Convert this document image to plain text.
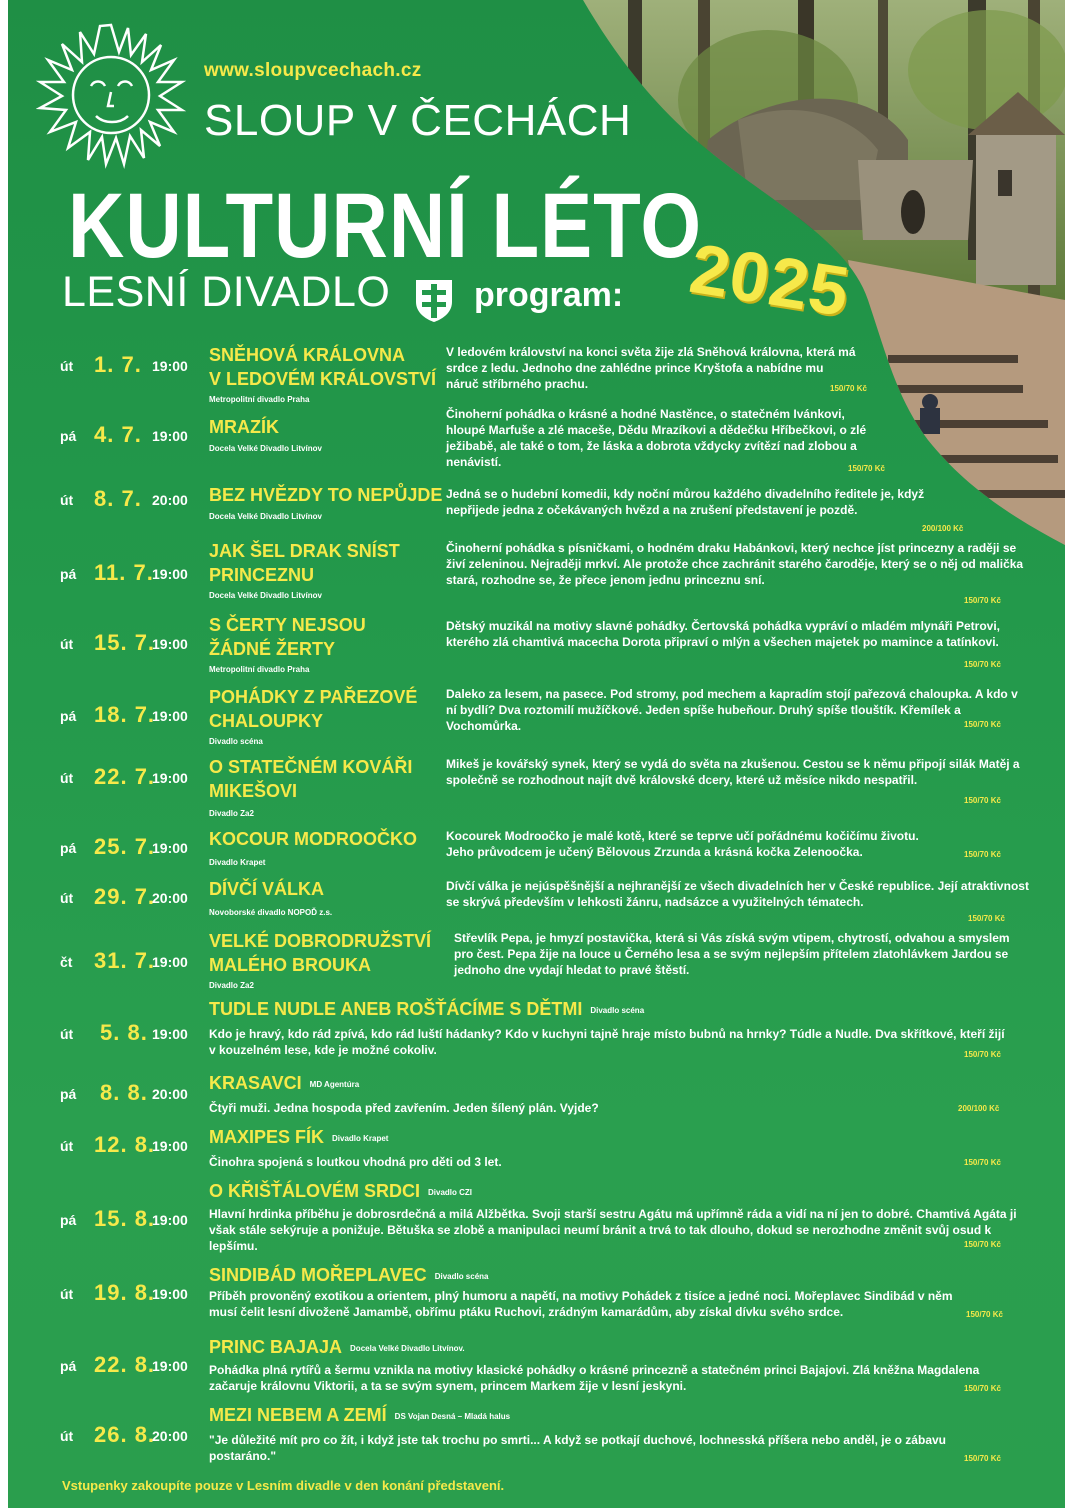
www.sloupvcechach.cz
SLOUP V ČECHÁCH
KULTURNÍ LÉTO
LESNÍ DIVADLO program: 2025
út 1. 7. 19:00
SNĚHOVÁ KRÁLOVNA
V LEDOVÉM KRÁLOVSTVÍ
Metropolitní divadlo Praha
V ledovém království na konci světa žije zlá Sněhová královna, která má srdce z ledu. Jednoho dne zahlédne prince Kryštofa a nabídne mu náruč stříbrného prachu.	150/70 Kč
pá 4. 7. 19:00 MRAZÍK
Docela Velké Divadlo Litvínov
Činoherní pohádka o krásné a hodné Nastěnce, o statečném Ivánkovi, hloupé Marfuše a zlé maceše, Dědu Mrazíkovi a dědečku Hříbečkovi, o zlé ježibabě, ale také o tom, že láska a dobrota vždycky zvítězí nad zlobou a nenávistí.	150/70 Kč
út 8. 7. 20:00 BEZ HVĚZDY TO NEPŮJDE
Docela Velké Divadlo Litvínov
Jedná se o hudební komedii, kdy noční můrou každého divadelního ředitele je, když nepřijede jedna z očekávaných hvězd a na zrušení představení je pozdě.
200/100 Kč
pá 11. 7.
19:00
JAK ŠEL DRAK SNÍST
PRINCEZNU
Docela Velké Divadlo Litvínov
Činoherní pohádka s písničkami, o hodném draku Habánkovi, který nechce jíst princezny a raději se živí zeleninou. Nejraději mrkví. Ale protože chce zachránit starého čaroděje, který se o něj od malička stará, rozhodne se, že přece jenom jednu princeznu sní.
150/70 Kč
út 15. 7.
19:00
S ČERTY NEJSOU
ŽÁDNÉ ŽERTY
Metropolitní divadlo Praha
Dětský muzikál na motivy slavné pohádky. Čertovská pohádka vypráví o mladém mlynáři Petrovi, kterého zlá chamtivá macecha Dorota připraví o mlýn a všechen majetek po mamince a tatínkovi.
150/70 Kč
pá 18. 7.
19:00
POHÁDKY Z PAŘEZOVÉ
CHALOUPKY
Divadlo scéna
Daleko za lesem, na pasece. Pod stromy, pod mechem a kapradím stojí pařezová chaloupka. A kdo v ní bydlí? Dva roztomilí mužíčkové. Jeden spíše hubeňour. Druhý spíše tlouštík. Křemílek a Vochomůrka.	150/70 Kč
út 22. 7.
19:00
O STATEČNÉM KOVÁŘI
MIKEŠOVI
Divadlo Za2
Mikeš je kovářský synek, který se vydá do světa na zkušenou. Cestou se k němu připojí silák Matěj a společně se rozhodnout najít dvě královské dcery, které už měsíce nikdo nespatřil.
150/70 Kč
pá 25. 7.
19:00 KOCOUR MODROOČKO
Divadlo Krapet
Kocourek Modroočko je malé kotě, které se teprve učí pořádnému kočičímu životu. Jeho průvodcem je učený Bělovous Zrzunda a krásná kočka Zelenoočka.	150/70 Kč
út 29. 7.
20:00 DÍVČÍ VÁLKA
Novoborské divadlo NOPOĎ z.s.
Dívčí válka je nejúspěšnější a nejhranější ze všech divadelních her v České republice. Její atraktivnost se skrývá především v lehkosti žánru, nadsázce a využitelných tématech.
150/70 Kč
čt 31. 7.
19:00
VELKÉ DOBRODRUŽSTVÍ
MALÉHO BROUKA
Divadlo Za2
Střevlík Pepa, je hmyzí postavička, která si Vás získá svým vtipem, chytrostí, odvahou a smyslem pro čest. Pepa žije na louce u Černého lesa a se svým nejlepším přítelem zlatohlávkem Jardou se jednoho dne vydají hledat to pravé štěstí.
út 5. 8. 19:00
TUDLE NUDLE ANEB ROŠŤÁCÍME S DĚTMI Divadlo scéna
Kdo je hravý, kdo rád zpívá, kdo rád luští hádanky? Kdo v kuchyni tajně hraje místo bubnů na hrnky? Túdle a Nudle. Dva skřítkové, kteří žijí v kouzelném lese, kde je možné cokoliv.	150/70 Kč
pá 8. 8. 20:00
KRASAVCI MD Agentúra
Čtyři muži. Jedna hospoda před zavřením. Jeden šílený plán. Vyjde?	200/100 Kč
út 12. 8.
19:00 MAXIPES FÍK Divadlo Krapet
Činohra spojená s loutkou vhodná pro děti od 3 let.	150/70 Kč
pá 15. 8.
19:00
O KŘIŠŤÁLOVÉM SRDCI Divadlo CZI
Hlavní hrdinka příběhu je dobrosrdečná a milá Alžbětka. Svoji starší sestru Agátu má upřímně ráda a vidí na ní jen to dobré. Chamtivá Agáta ji však stále sekýruje a ponižuje. Bětuška se zlobě a manipulaci neumí bránit a trvá to tak dlouho, dokud se nerozhodne změnit svůj osud k lepšímu.	150/70 Kč
út 19. 8.
19:00
SINDIBÁD MOŘEPLAVEC Divadlo scéna
Příběh provoněný exotikou a orientem, plný humoru a napětí, na motivy Pohádek z tisíce a jedné noci. Mořeplavec Sindibád v něm musí čelit lesní divoženě Jamambě, obřímu ptáku Ruchovi, zrádným kamarádům, aby získal dívku svého srdce.	150/70 Kč
pá 22. 8.
19:00
PRINC BAJAJA Docela Velké Divadlo Litvínov.
Pohádka plná rytířů a šermu vznikla na motivy klasické pohádky o krásné princezně a statečném princi Bajajovi. Zlá kněžna Magdalena začaruje královnu Viktorii, a ta se svým synem, princem Markem žije v lesní jeskyni.	150/70 Kč
út 26. 8.
20:00
MEZI NEBEM A ZEMÍ DS Vojan Desná – Mladá halus
"Je důležité mít pro co žít, i když jste tak trochu po smrti... A když se potkají duchové, lochnesská příšera nebo anděl, je o zábavu postaráno."	150/70 Kč
Vstupenky zakoupíte pouze v Lesním divadle v den konání představení.
